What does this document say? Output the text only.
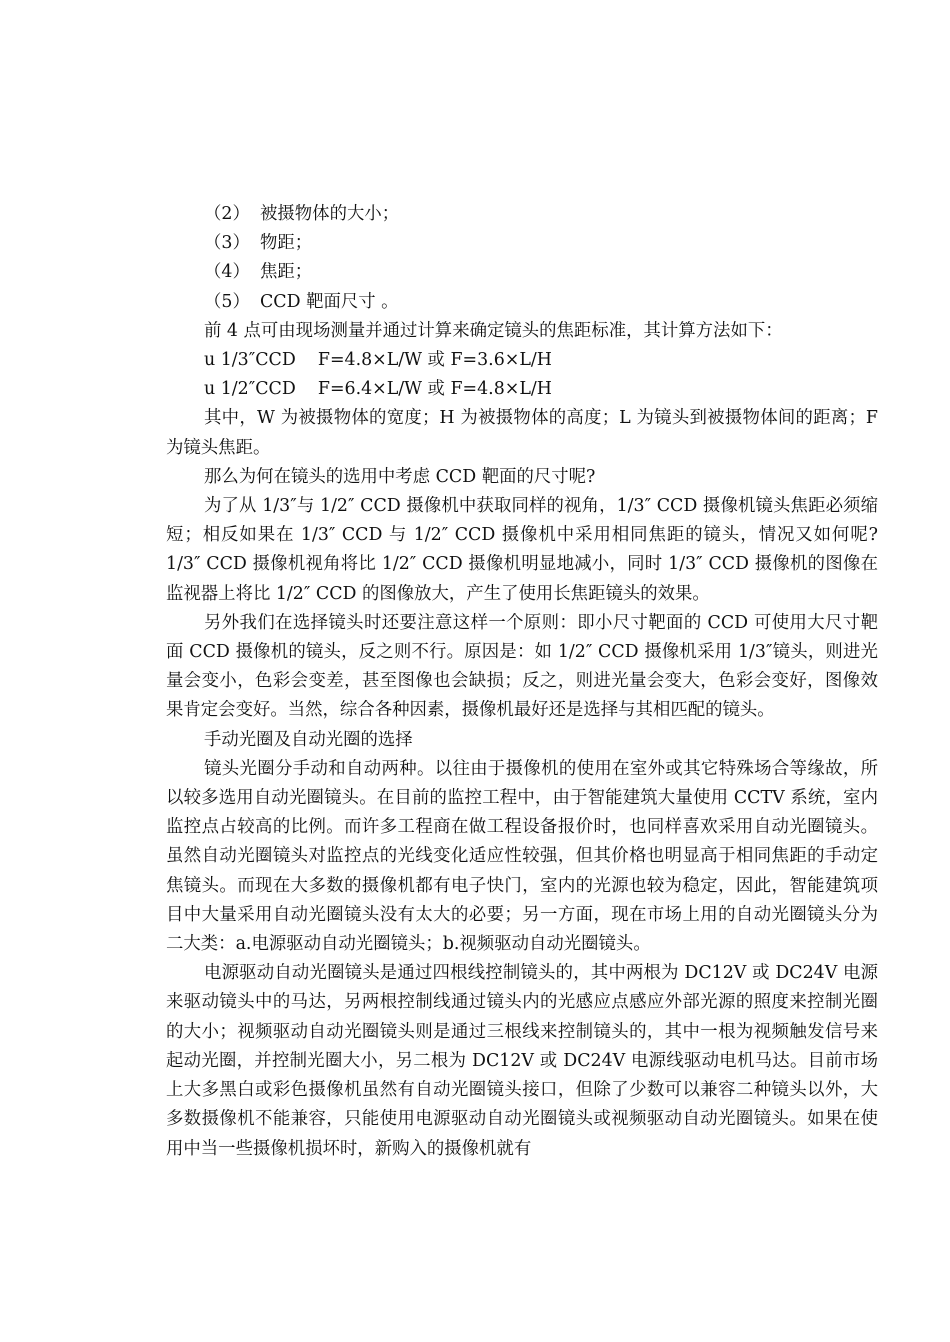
（2） 被摄物体的大小；
（3） 物距；
（4） 焦距；
（5） CCD 靶面尺寸 。
前 4 点可由现场测量并通过计算来确定镜头的焦距标准，其计算方法如下：
u 1/3″CCD    F=4.8×L/W 或 F=3.6×L/H
u 1/2″CCD    F=6.4×L/W 或 F=4.8×L/H
其中，W 为被摄物体的宽度；H 为被摄物体的高度；L 为镜头到被摄物体间的距离；F 为镜头焦距。
那么为何在镜头的选用中考虑 CCD 靶面的尺寸呢?
为了从 1/3″与 1/2″ CCD 摄像机中获取同样的视角，1/3″ CCD 摄像机镜头焦距必须缩短；相反如果在 1/3″ CCD 与 1/2″ CCD 摄像机中采用相同焦距的镜头，情况又如何呢?1/3″ CCD 摄像机视角将比 1/2″ CCD 摄像机明显地减小，同时 1/3″ CCD 摄像机的图像在监视器上将比 1/2″ CCD 的图像放大，产生了使用长焦距镜头的效果。
另外我们在选择镜头时还要注意这样一个原则：即小尺寸靶面的 CCD 可使用大尺寸靶面 CCD 摄像机的镜头，反之则不行。原因是：如 1/2″ CCD 摄像机采用 1/3″镜头，则进光量会变小，色彩会变差，甚至图像也会缺损；反之，则进光量会变大，色彩会变好，图像效果肯定会变好。当然，综合各种因素，摄像机最好还是选择与其相匹配的镜头。
手动光圈及自动光圈的选择
镜头光圈分手动和自动两种。以往由于摄像机的使用在室外或其它特殊场合等缘故，所以较多选用自动光圈镜头。在目前的监控工程中，由于智能建筑大量使用 CCTV 系统，室内监控点占较高的比例。而许多工程商在做工程设备报价时，也同样喜欢采用自动光圈镜头。虽然自动光圈镜头对监控点的光线变化适应性较强，但其价格也明显高于相同焦距的手动定焦镜头。而现在大多数的摄像机都有电子快门，室内的光源也较为稳定，因此，智能建筑项目中大量采用自动光圈镜头没有太大的必要；另一方面，现在市场上用的自动光圈镜头分为二大类：a.电源驱动自动光圈镜头；b.视频驱动自动光圈镜头。
电源驱动自动光圈镜头是通过四根线控制镜头的，其中两根为 DC12V 或 DC24V 电源来驱动镜头中的马达，另两根控制线通过镜头内的光感应点感应外部光源的照度来控制光圈的大小；视频驱动自动光圈镜头则是通过三根线来控制镜头的，其中一根为视频触发信号来起动光圈，并控制光圈大小，另二根为 DC12V 或 DC24V 电源线驱动电机马达。目前市场上大多黑白或彩色摄像机虽然有自动光圈镜头接口，但除了少数可以兼容二种镜头以外，大多数摄像机不能兼容，只能使用电源驱动自动光圈镜头或视频驱动自动光圈镜头。如果在使用中当一些摄像机损坏时，新购入的摄像机就有
